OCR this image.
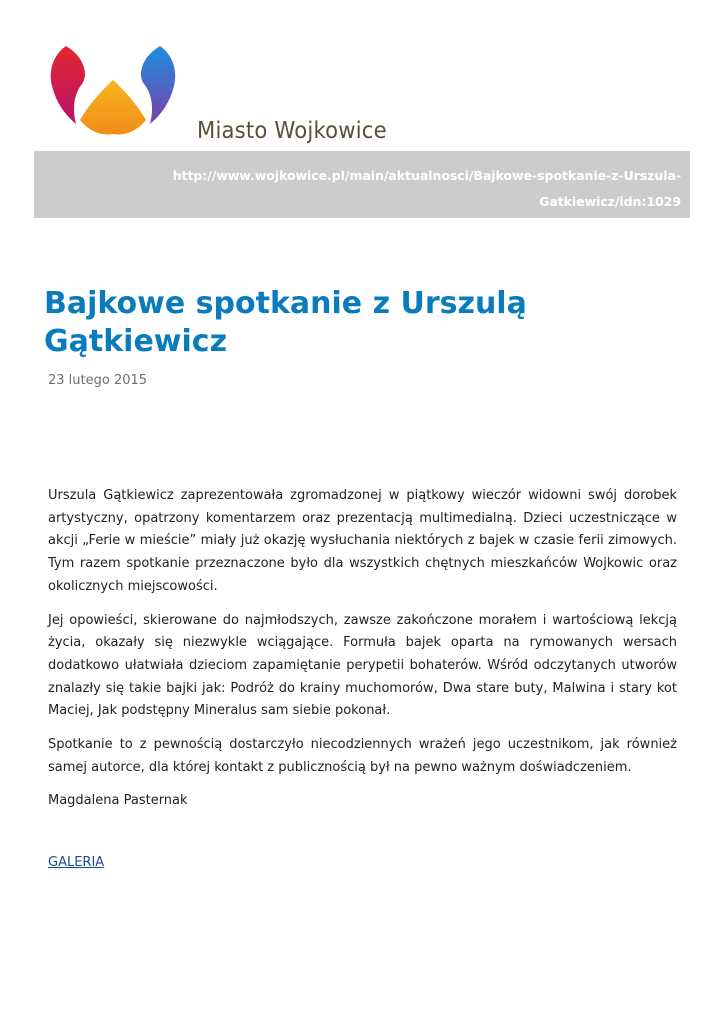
Miasto Wojkowice
http://www.wojkowice.pl/main/aktualnosci/Bajkowe-spotkanie-z-Urszula-Gatkiewicz/idn:1029
/printpdf
Bajkowe spotkanie z Urszulą Gątkiewicz
23 lutego 2015

Urszula Gątkiewicz zaprezentowała zgromadzonej w piątkowy wieczór widowni swój dorobek artystyczny, opatrzony komentarzem oraz prezentacją multimedialną. Dzieci uczestniczące w akcji „Ferie w mieście” miały już okazję wysłuchania niektórych z bajek w czasie ferii zimowych. Tym razem spotkanie przeznaczone było dla wszystkich chętnych mieszkańców Wojkowic oraz okolicznych miejscowości.

Jej opowieści, skierowane do najmłodszych, zawsze zakończone morałem i wartościową lekcją życia, okazały się niezwykle wciągające. Formuła bajek oparta na rymowanych wersach dodatkowo ułatwiała dzieciom zapamiętanie perypetii bohaterów. Wśród odczytanych utworów znalazły się takie bajki jak: Podróż do krainy muchomorów, Dwa stare buty, Malwina i stary kot Maciej, Jak podstępny Mineralus sam siebie pokonał.

Spotkanie to z pewnością dostarczyło niecodziennych wrażeń jego uczestnikom, jak również samej autorce, dla której kontakt z publicznością był na pewno ważnym doświadczeniem.

Magdalena Pasternak

GALERIA
